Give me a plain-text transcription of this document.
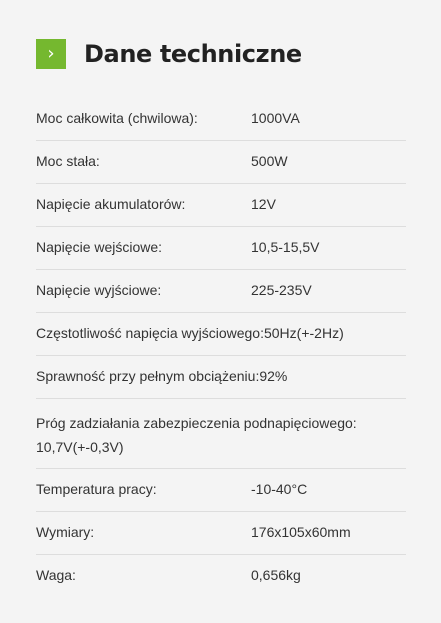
›	Dane techniczne
Moc całkowita (chwilowa):	1000VA
Moc stała:	500W
Napięcie akumulatorów:	12V
Napięcie wejściowe:	10,5-15,5V
Napięcie wyjściowe:	225-235V
Częstotliwość napięcia wyjściowego:50Hz(+-2Hz)
Sprawność przy pełnym obciążeniu:92%
Próg zadziałania zabezpieczenia podnapięciowego:
10,7V(+-0,3V)
Temperatura pracy:	-10-40°C
Wymiary:	176x105x60mm
Waga:	0,656kg
